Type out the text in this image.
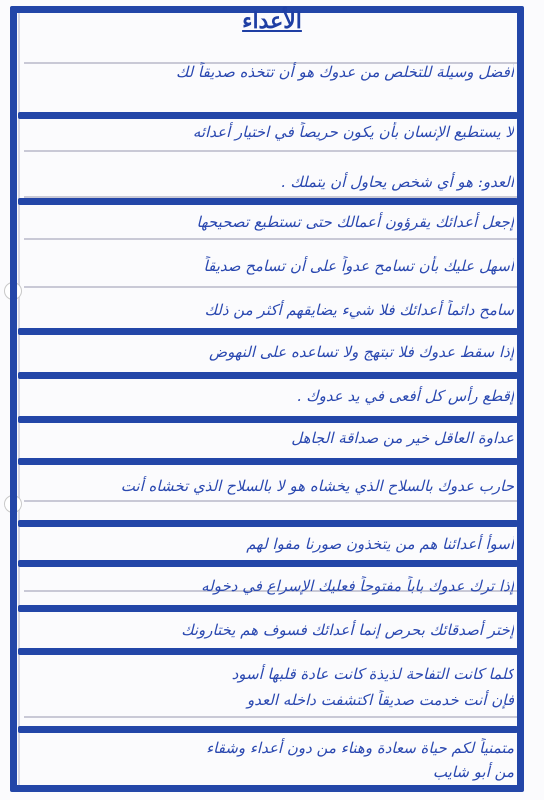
الأعداء
أفضل وسيلة للتخلص من عدوك هو أن تتخذه صديقاً لك
لا يستطيع الإنسان بأن يكون حريصاً في اختيار أعدائه
العدو: هو أي شخص يحاول أن يتملك .
إجعل أعدائك يقرؤون أعمالك حتى تستطيع تصحيحها
أسهل عليك بأن تسامح عدواً على أن تسامح صديقاً
سامح دائماً أعدائك فلا شيء يضايقهم أكثر من ذلك
إذا سقط عدوك فلا تبتهج ولا تساعده على النهوض
إقطع رأس كل أفعى في يد عدوك .
عداوة العاقل خير من صداقة الجاهل
حارب عدوك بالسلاح الذي يخشاه هو لا بالسلاح الذي تخشاه أنت
أسوأ أعدائنا هم من يتخذون صورنا مفوا لهم
إذا ترك عدوك باباً مفتوحاً فعليك الإسراع في دخوله
إختر أصدقائك بحرص إنما أعدائك فسوف هم يختارونك
كلما كانت التفاحة لذيذة كانت عادة قلبها أسود
فإن أنت خدمت صديقاً اكتشفت داخله العدو
متمنياً لكم حياة سعادة وهناء من دون أعداء وشقاء
من أبو شايب
